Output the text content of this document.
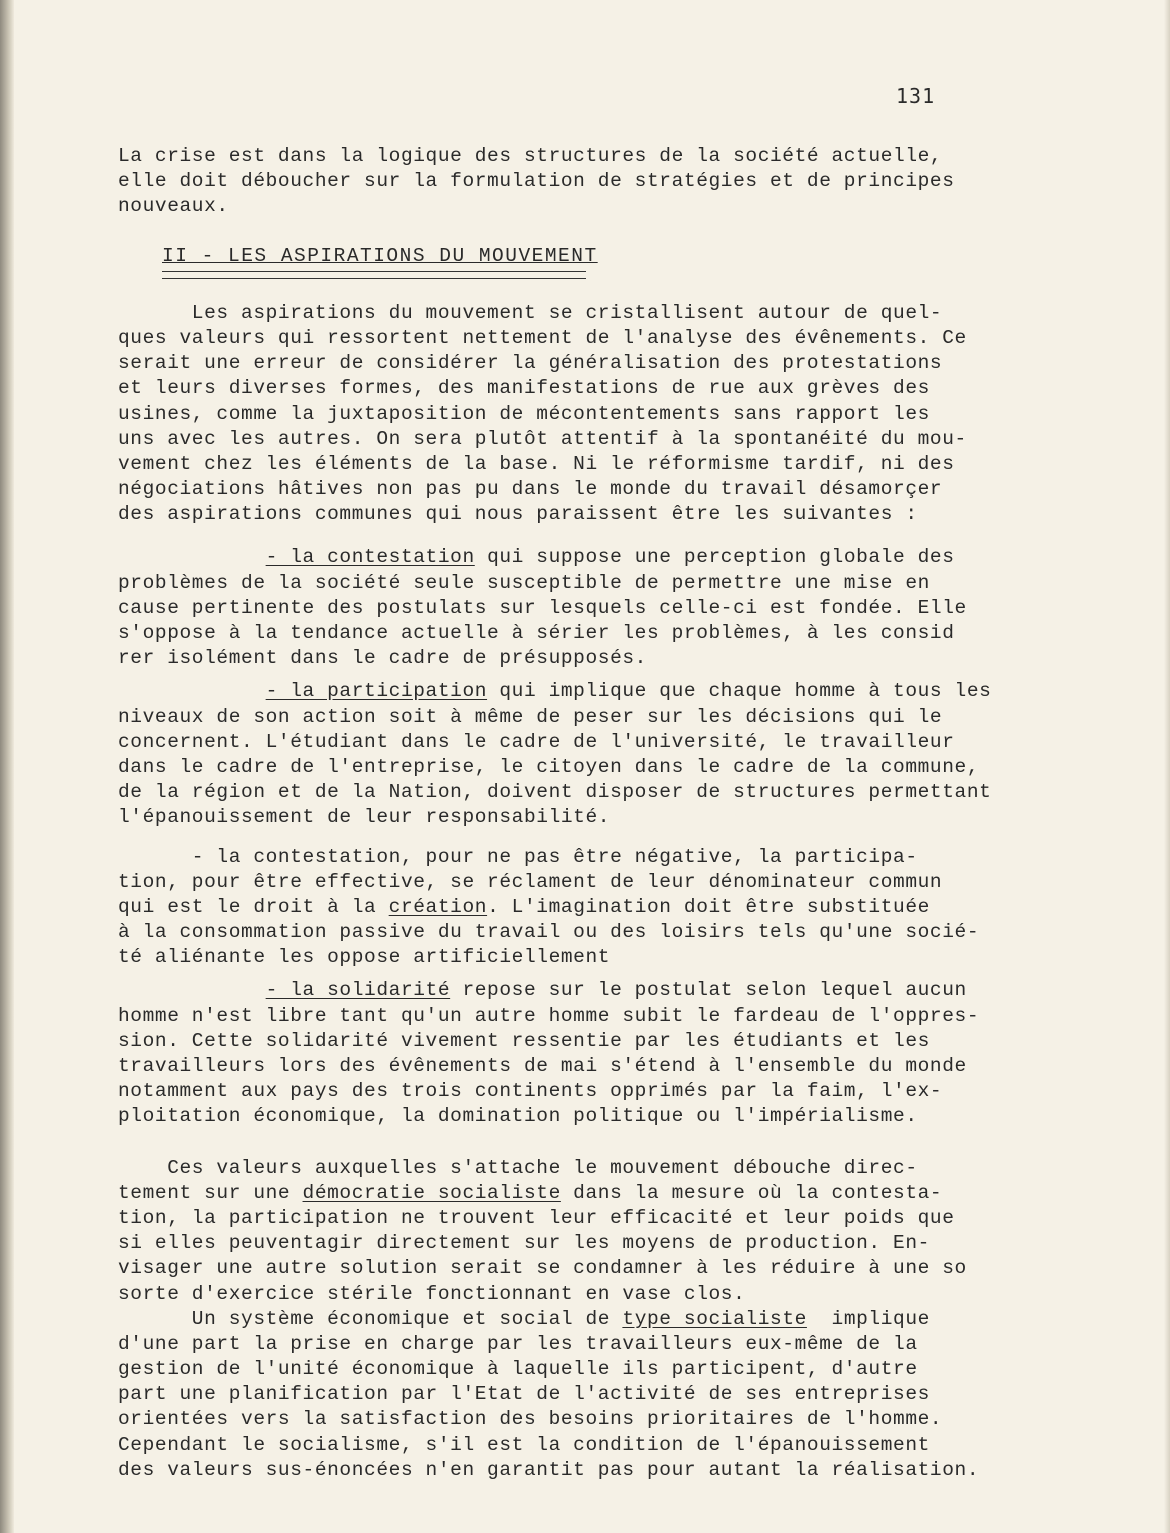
131
La crise est dans la logique des structures de la société actuelle,
elle doit déboucher sur la formulation de stratégies et de principes
nouveaux.
II - LES ASPIRATIONS DU MOUVEMENT
Les aspirations du mouvement se cristallisent autour de quel-
ques valeurs qui ressortent nettement de l'analyse des évênements. Ce
serait une erreur de considérer la généralisation des protestations
et leurs diverses formes, des manifestations de rue aux grèves des
usines, comme la juxtaposition de mécontentements sans rapport les
uns avec les autres. On sera plutôt attentif à la spontanéité du mou-
vement chez les éléments de la base. Ni le réformisme tardif, ni des
négociations hâtives non pas pu dans le monde du travail désamorçer
des aspirations communes qui nous paraissent être les suivantes :
- la contestation qui suppose une perception globale des
problèmes de la société seule susceptible de permettre une mise en
cause pertinente des postulats sur lesquels celle-ci est fondée. Elle
s'oppose à la tendance actuelle à sérier les problèmes, à les consid
rer isolément dans le cadre de présupposés.
- la participation qui implique que chaque homme à tous les
niveaux de son action soit à même de peser sur les décisions qui le
concernent. L'étudiant dans le cadre de l'université, le travailleur
dans le cadre de l'entreprise, le citoyen dans le cadre de la commune,
de la région et de la Nation, doivent disposer de structures permettant
l'épanouissement de leur responsabilité.
- la contestation, pour ne pas être négative, la participa-
tion, pour être effective, se réclament de leur dénominateur commun
qui est le droit à la création. L'imagination doit être substituée
à la consommation passive du travail ou des loisirs tels qu'une socié-
té aliénante les oppose artificiellement
- la solidarité repose sur le postulat selon lequel aucun
homme n'est libre tant qu'un autre homme subit le fardeau de l'oppres-
sion. Cette solidarité vivement ressentie par les étudiants et les
travailleurs lors des évênements de mai s'étend à l'ensemble du monde
notamment aux pays des trois continents opprimés par la faim, l'ex-
ploitation économique, la domination politique ou l'impérialisme.
Ces valeurs auxquelles s'attache le mouvement débouche direc-
tement sur une démocratie socialiste dans la mesure où la contesta-
tion, la participation ne trouvent leur efficacité et leur poids que
si elles peuventagir directement sur les moyens de production. En-
visager une autre solution serait se condamner à les réduire à une so
sorte d'exercice stérile fonctionnant en vase clos.
Un système économique et social de type socialiste  implique
d'une part la prise en charge par les travailleurs eux-même de la
gestion de l'unité économique à laquelle ils participent, d'autre
part une planification par l'Etat de l'activité de ses entreprises
orientées vers la satisfaction des besoins prioritaires de l'homme.
Cependant le socialisme, s'il est la condition de l'épanouissement
des valeurs sus-énoncées n'en garantit pas pour autant la réalisation.
